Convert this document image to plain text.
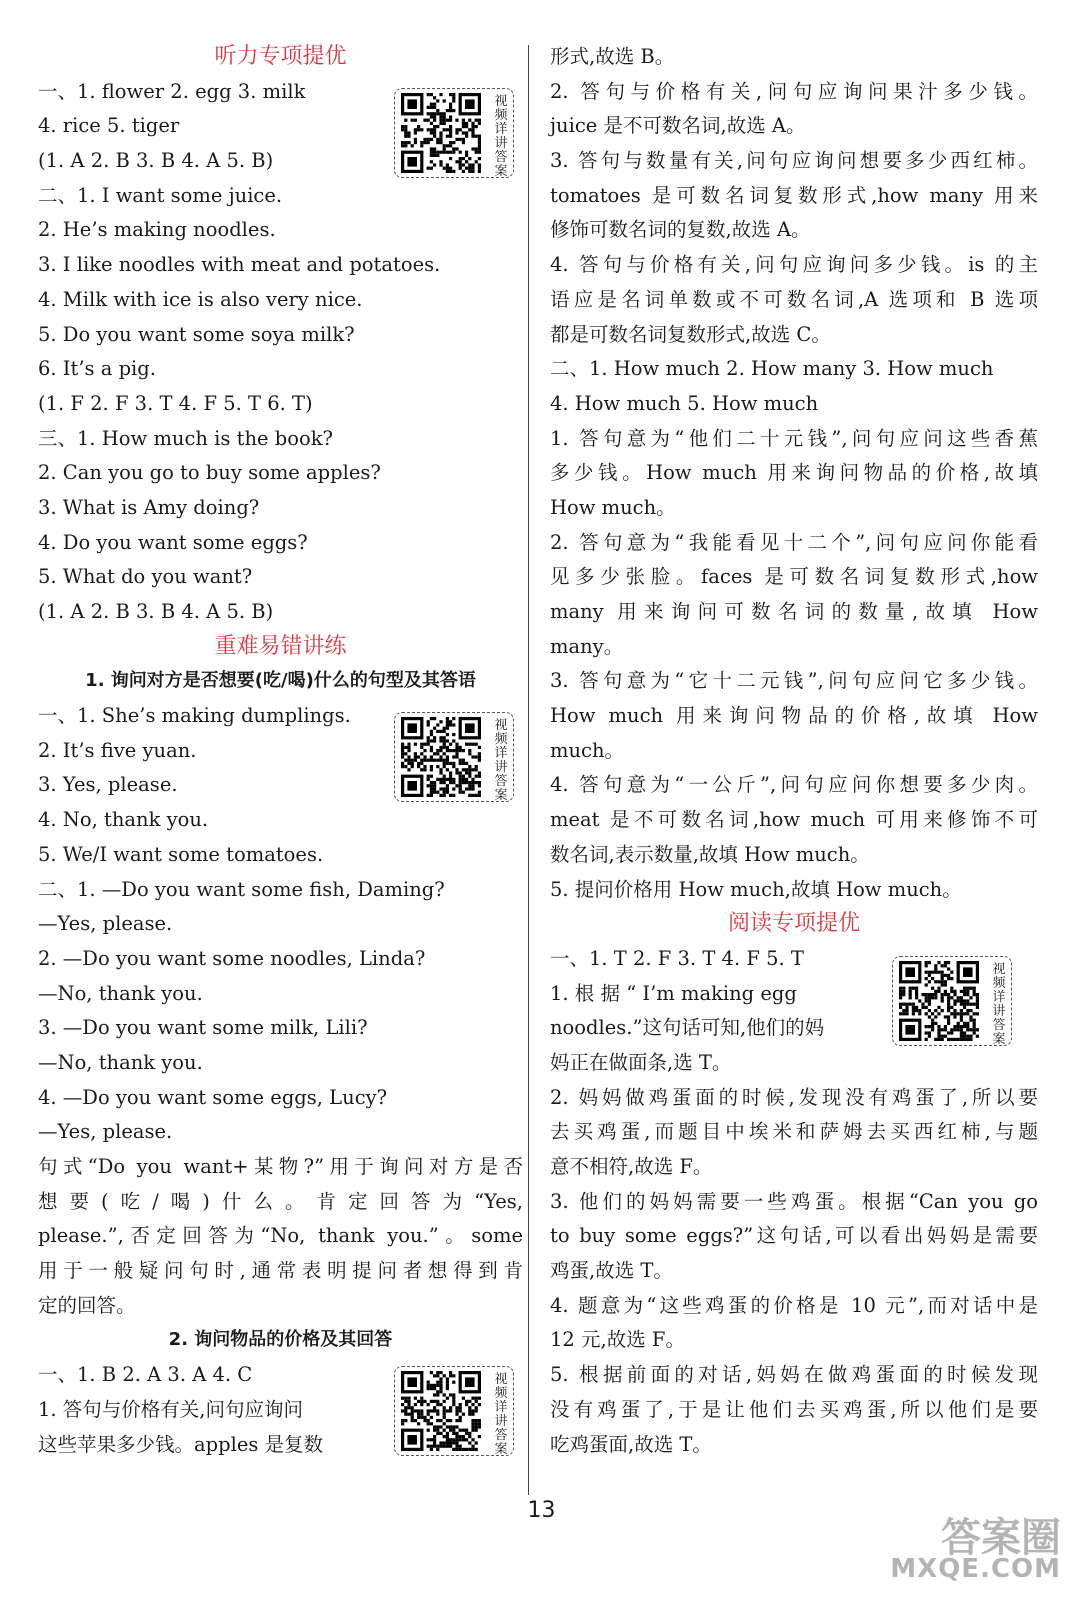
听力专项提优
一、1. flower 2. egg 3. milk
4. rice 5. tiger
(1. A 2. B 3. B 4. A 5. B)
二、1. I want some juice.
2. He’s making noodles.
3. I like noodles with meat and potatoes.
4. Milk with ice is also very nice.
5. Do you want some soya milk?
6. It’s a pig.
(1. F 2. F 3. T 4. F 5. T 6. T)
三、1. How much is the book?
2. Can you go to buy some apples?
3. What is Amy doing?
4. Do you want some eggs?
5. What do you want?
(1. A 2. B 3. B 4. A 5. B)
重难易错讲练
1. 询问对方是否想要(吃/喝)什么的句型及其答语
一、1. She’s making dumplings.
2. It’s five yuan.
3. Yes, please.
4. No, thank you.
5. We/I want some tomatoes.
二、1. —Do you want some fish, Daming?
—Yes, please.
2. —Do you want some noodles, Linda?
—No, thank you.
3. —Do you want some milk, Lili?
—No, thank you.
4. —Do you want some eggs, Lucy?
—Yes, please.
句式“Do you want+某物?”用于询问对方是否
想要(吃/喝)什么。肯定回答为“Yes,
please.”,否定回答为“No, thank you.”。some
用于一般疑问句时,通常表明提问者想得到肯
定的回答。
2. 询问物品的价格及其回答
一、1. B 2. A 3. A 4. C
1. 答句与价格有关,问句应询问
这些苹果多少钱。apples 是复数
形式,故选 B。
2. 答句与价格有关,问句应询问果汁多少钱。
juice 是不可数名词,故选 A。
3. 答句与数量有关,问句应询问想要多少西红柿。
tomatoes 是可数名词复数形式,how many 用来
修饰可数名词的复数,故选 A。
4. 答句与价格有关,问句应询问多少钱。is 的主
语应是名词单数或不可数名词,A 选项和 B 选项
都是可数名词复数形式,故选 C。
二、1. How much 2. How many 3. How much
4. How much 5. How much
1. 答句意为“他们二十元钱”,问句应问这些香蕉
多少钱。How much 用来询问物品的价格,故填
How much。
2. 答句意为“我能看见十二个”,问句应问你能看
见多少张脸。faces 是可数名词复数形式,how
many 用来询问可数名词的数量,故填 How
many。
3. 答句意为“它十二元钱”,问句应问它多少钱。
How much 用来询问物品的价格,故填 How
much。
4. 答句意为“一公斤”,问句应问你想要多少肉。
meat 是不可数名词,how much 可用来修饰不可
数名词,表示数量,故填 How much。
5. 提问价格用 How much,故填 How much。
阅读专项提优
一、1. T 2. F 3. T 4. F 5. T
1. 根 据 “ I’m making egg
noodles.”这句话可知,他们的妈
妈正在做面条,选 T。
2. 妈妈做鸡蛋面的时候,发现没有鸡蛋了,所以要
去买鸡蛋,而题目中埃米和萨姆去买西红柿,与题
意不相符,故选 F。
3. 他们的妈妈需要一些鸡蛋。根据“Can you go
to buy some eggs?”这句话,可以看出妈妈是需要
鸡蛋,故选 T。
4. 题意为“这些鸡蛋的价格是 10 元”,而对话中是
12 元,故选 F。
5. 根据前面的对话,妈妈在做鸡蛋面的时候发现
没有鸡蛋了,于是让他们去买鸡蛋,所以他们是要
吃鸡蛋面,故选 T。
视频详讲答案
视频详讲答案
视频详讲答案
视频详讲答案
13
答案圈
MXQE.COM
